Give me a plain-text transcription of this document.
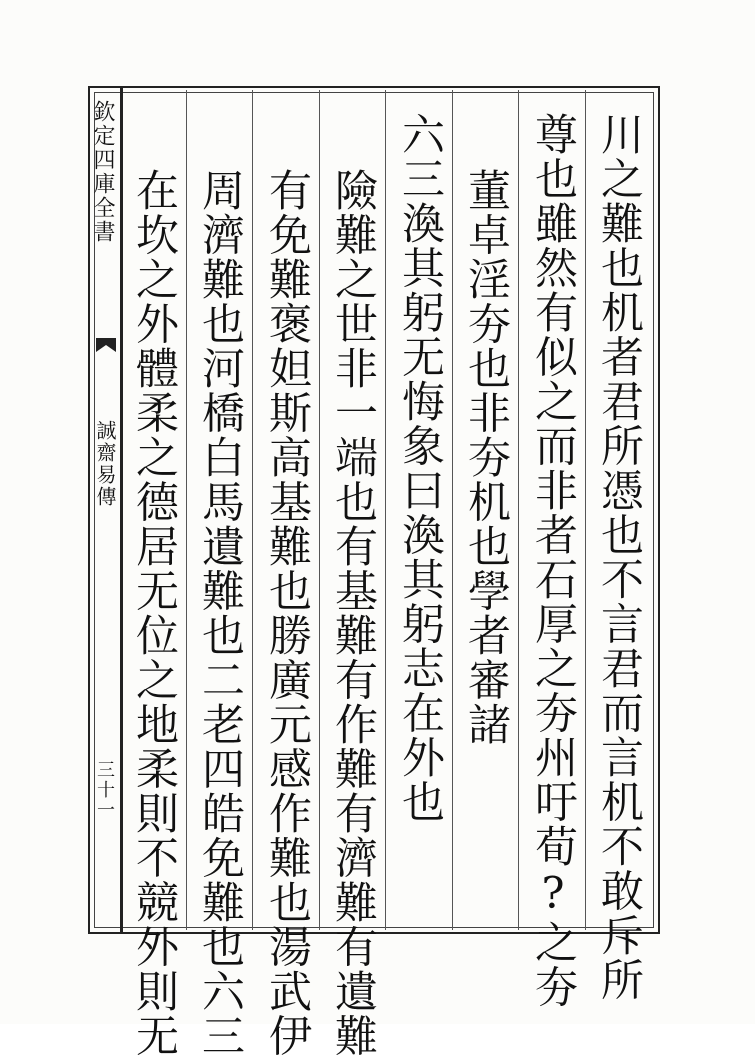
欽定四庫全書
誠齋易傳
三十一	川之難也机者君所憑也不言君而言机不敢斥所
尊也雖然有似之而非者石厚之夯州吁荀?之夯
董卓淫夯也非夯机也學者審諸
六三渙其躬无悔象曰渙其躬志在外也
險難之世非一端也有基難有作難有濟難有遺難
有免難褒妲斯高基難也勝廣元感作難也湯武伊
周濟難也河橋白馬遺難也二老四皓免難也六三
在坎之外體柔之德居无位之地柔則不競外則无
